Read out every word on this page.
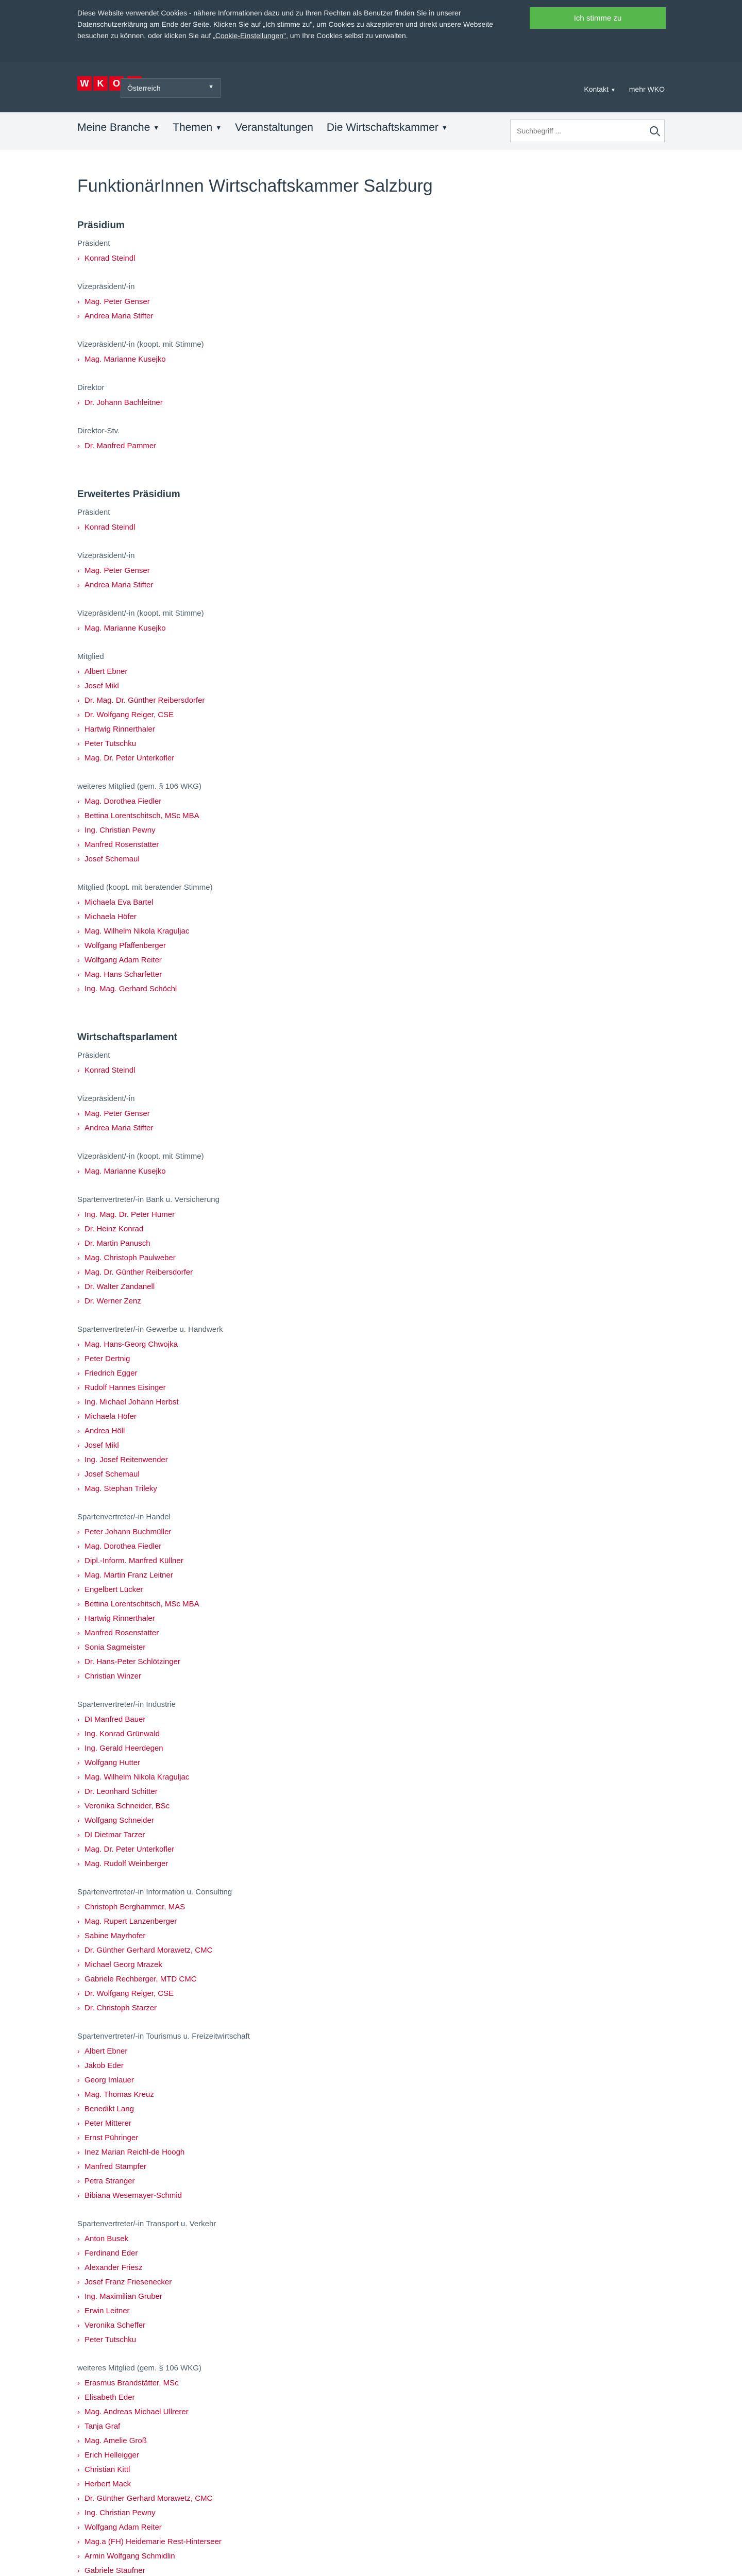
Diese Website verwendet Cookies - nähere Informationen dazu und zu Ihren Rechten als Benutzer finden Sie in unserer Datenschutzerklärung am Ende der Seite. Klicken Sie auf „Ich stimme zu", um Cookies zu akzeptieren und direkt unsere Webseite besuchen zu können, oder klicken Sie auf „Cookie-Einstellungen", um Ihre Cookies selbst zu verwalten.
Ich stimme zu
W K O	Österreich	▼	Kontakt ▼ mehr WKO
Meine Branche ▼ Themen ▼ Veranstaltungen Die Wirtschaftskammer ▼
Suchbegriff ...
FunktionärInnen Wirtschaftskammer Salzburg
Präsidium
Präsident
› Konrad Steindl
Vizepräsident/-in
› Mag. Peter Genser
› Andrea Maria Stifter
Vizepräsident/-in (koopt. mit Stimme)
› Mag. Marianne Kusejko
Direktor
› Dr. Johann Bachleitner
Direktor-Stv.
› Dr. Manfred Pammer
Erweitertes Präsidium
Präsident
› Konrad Steindl
Vizepräsident/-in
› Mag. Peter Genser
› Andrea Maria Stifter
Vizepräsident/-in (koopt. mit Stimme)
› Mag. Marianne Kusejko
Mitglied
› Albert Ebner
› Josef Mikl
› Dr. Mag. Dr. Günther Reibersdorfer
› Dr. Wolfgang Reiger, CSE
› Hartwig Rinnerthaler
› Peter Tutschku
› Mag. Dr. Peter Unterkofler
weiteres Mitglied (gem. § 106 WKG)
› Mag. Dorothea Fiedler
› Bettina Lorentschitsch, MSc MBA
› Ing. Christian Pewny
› Manfred Rosenstatter
› Josef Schemaul
Mitglied (koopt. mit beratender Stimme)
› Michaela Eva Bartel
› Michaela Höfer
› Mag. Wilhelm Nikola Kraguljac
› Wolfgang Pfaffenberger
› Wolfgang Adam Reiter
› Mag. Hans Scharfetter
› Ing. Mag. Gerhard Schöchl
Wirtschaftsparlament
Präsident
› Konrad Steindl
Vizepräsident/-in
› Mag. Peter Genser
› Andrea Maria Stifter
Vizepräsident/-in (koopt. mit Stimme)
› Mag. Marianne Kusejko
Spartenvertreter/-in Bank u. Versicherung
› Ing. Mag. Dr. Peter Humer
› Dr. Heinz Konrad
› Dr. Martin Panusch
› Mag. Christoph Paulweber
› Mag. Dr. Günther Reibersdorfer
› Dr. Walter Zandanell
› Dr. Werner Zenz
Spartenvertreter/-in Gewerbe u. Handwerk
› Mag. Hans-Georg Chwojka
› Peter Dertnig
› Friedrich Egger
› Rudolf Hannes Eisinger
› Ing. Michael Johann Herbst
› Michaela Höfer
› Andrea Höll
› Josef Mikl
› Ing. Josef Reitenwender
› Josef Schemaul
› Mag. Stephan Trileky
Spartenvertreter/-in Handel
› Peter Johann Buchmüller
› Mag. Dorothea Fiedler
› Dipl.-Inform. Manfred Küllner
› Mag. Martin Franz Leitner
› Engelbert Lücker
› Bettina Lorentschitsch, MSc MBA
› Hartwig Rinnerthaler
› Manfred Rosenstatter
› Sonia Sagmeister
› Dr. Hans-Peter Schlötzinger
› Christian Winzer
Spartenvertreter/-in Industrie
› DI Manfred Bauer
› Ing. Konrad Grünwald
› Ing. Gerald Heerdegen
› Wolfgang Hutter
› Mag. Wilhelm Nikola Kraguljac
› Dr. Leonhard Schitter
› Veronika Schneider, BSc
› Wolfgang Schneider
› DI Dietmar Tarzer
› Mag. Dr. Peter Unterkofler
› Mag. Rudolf Weinberger
Spartenvertreter/-in Information u. Consulting
› Christoph Berghammer, MAS
› Mag. Rupert Lanzenberger
› Sabine Mayrhofer
› Dr. Günther Gerhard Morawetz, CMC
› Michael Georg Mrazek
› Gabriele Rechberger, MTD CMC
› Dr. Wolfgang Reiger, CSE
› Dr. Christoph Starzer
Spartenvertreter/-in Tourismus u. Freizeitwirtschaft
› Albert Ebner
› Jakob Eder
› Georg Imlauer
› Mag. Thomas Kreuz
› Benedikt Lang
› Peter Mitterer
› Ernst Pühringer
› Inez Marian Reichl-de Hoogh
› Manfred Stampfer
› Petra Stranger
› Bibiana Wesemayer-Schmid
Spartenvertreter/-in Transport u. Verkehr
› Anton Busek
› Ferdinand Eder
› Alexander Friesz
› Josef Franz Friesenecker
› Ing. Maximilian Gruber
› Erwin Leitner
› Veronika Scheffer
› Peter Tutschku
weiteres Mitglied (gem. § 106 WKG)
› Erasmus Brandstätter, MSc
› Elisabeth Eder
› Mag. Andreas Michael Ullrerer
› Tanja Graf
› Mag. Amelie Groß
› Erich Helleigger
› Christian Kittl
› Herbert Mack
› Dr. Günther Gerhard Morawetz, CMC
› Ing. Christian Pewny
› Wolfgang Adam Reiter
› Mag.a (FH) Heidemarie Rest-Hinterseer
› Armin Wolfgang Schmidlin
› Gabriele Staufner
